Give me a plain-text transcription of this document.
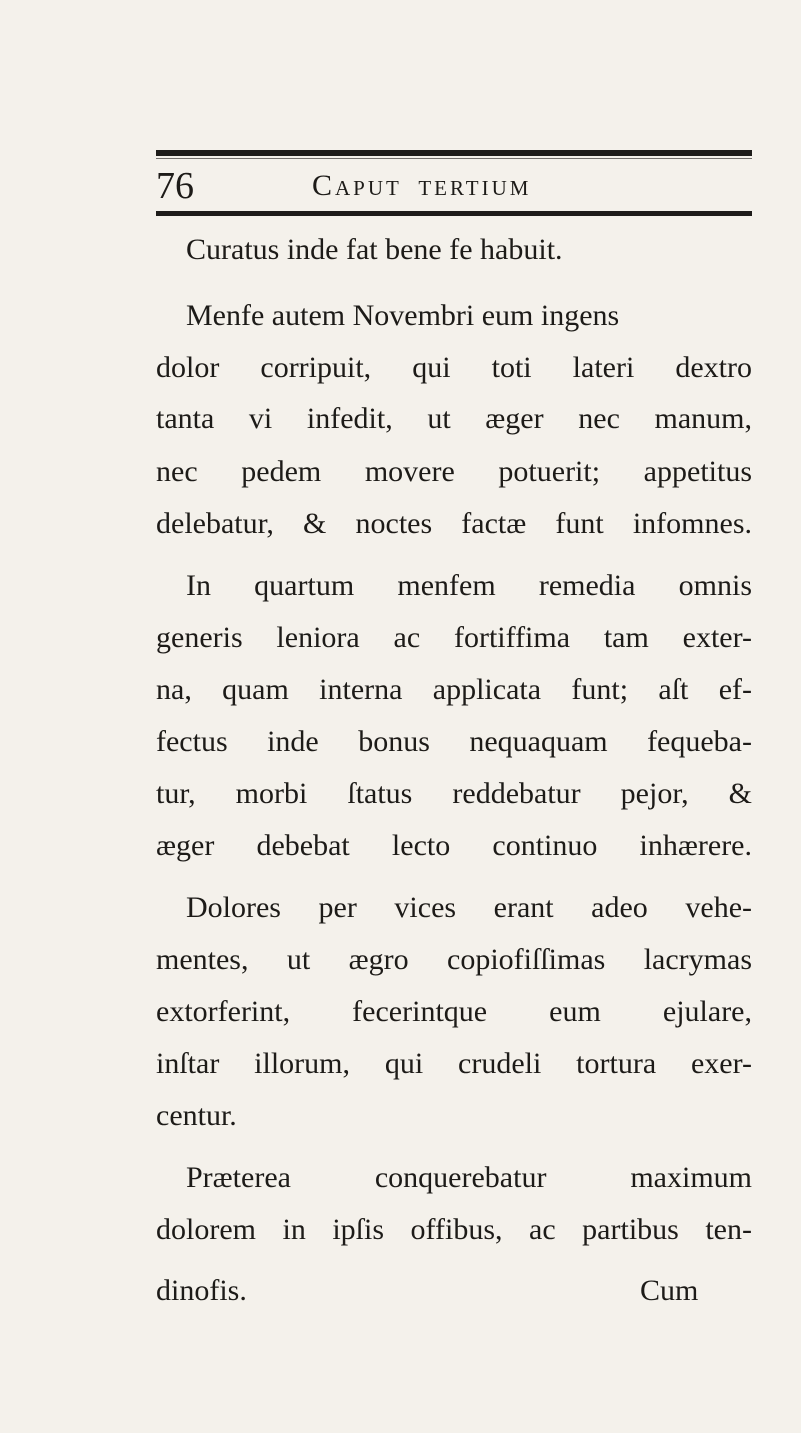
76	Caput tertium
Curatus inde fat bene fe habuit.
Menfe autem Novembri eum ingens
dolor corripuit, qui toti lateri dextro
tanta vi infedit, ut æger nec manum,
nec pedem movere potuerit; appetitus
delebatur, & noctes factæ funt infomnes.
In quartum menfem remedia omnis
generis leniora ac fortiffima tam exter-
na, quam interna applicata funt; aſt ef-
fectus inde bonus nequaquam fequeba-
tur, morbi ſtatus reddebatur pejor, &
æger debebat lecto continuo inhærere.
Dolores per vices erant adeo vehe-
mentes, ut ægro copiofiſſimas lacrymas
extorferint, fecerintque eum ejulare,
inſtar illorum, qui crudeli tortura exer-
centur.
Præterea conquerebatur maximum
dolorem in ipſis offibus, ac partibus ten-
dinofis.	Cum
